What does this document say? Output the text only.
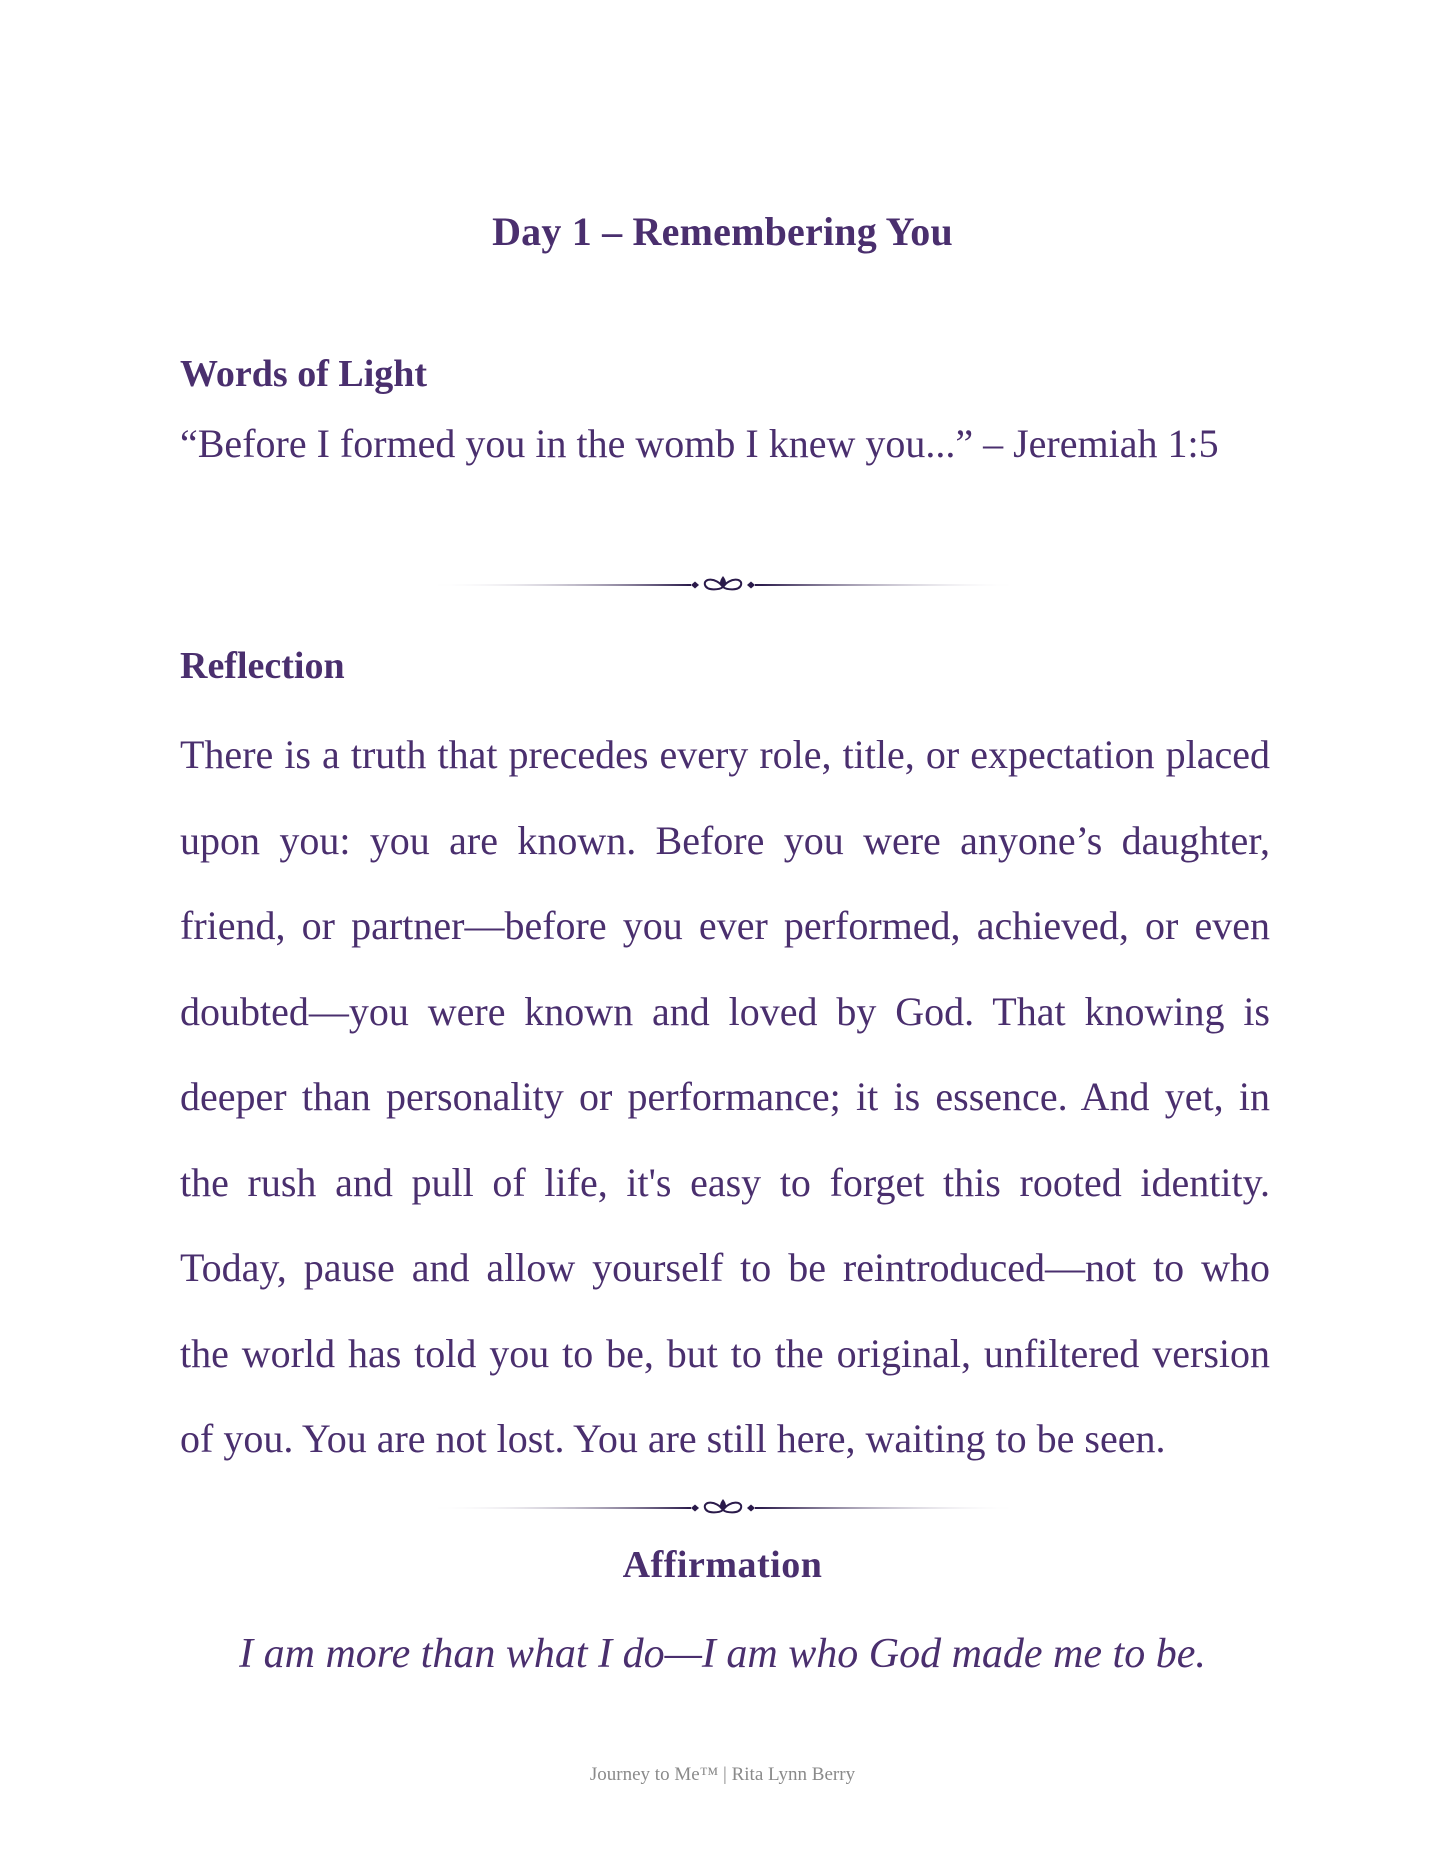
Day 1 – Remembering You
Words of Light
“Before I formed you in the womb I knew you...” – Jeremiah 1:5
Reflection
There is a truth that precedes every role, title, or expectation placed
upon you: you are known. Before you were anyone’s daughter,
friend, or partner—before you ever performed, achieved, or even
doubted—you were known and loved by God. That knowing is
deeper than personality or performance; it is essence. And yet, in
the rush and pull of life, it's easy to forget this rooted identity.
Today, pause and allow yourself to be reintroduced—not to who
the world has told you to be, but to the original, unfiltered version
of you. You are not lost. You are still here, waiting to be seen.
Affirmation
I am more than what I do—I am who God made me to be.
Journey to Me™ | Rita Lynn Berry
